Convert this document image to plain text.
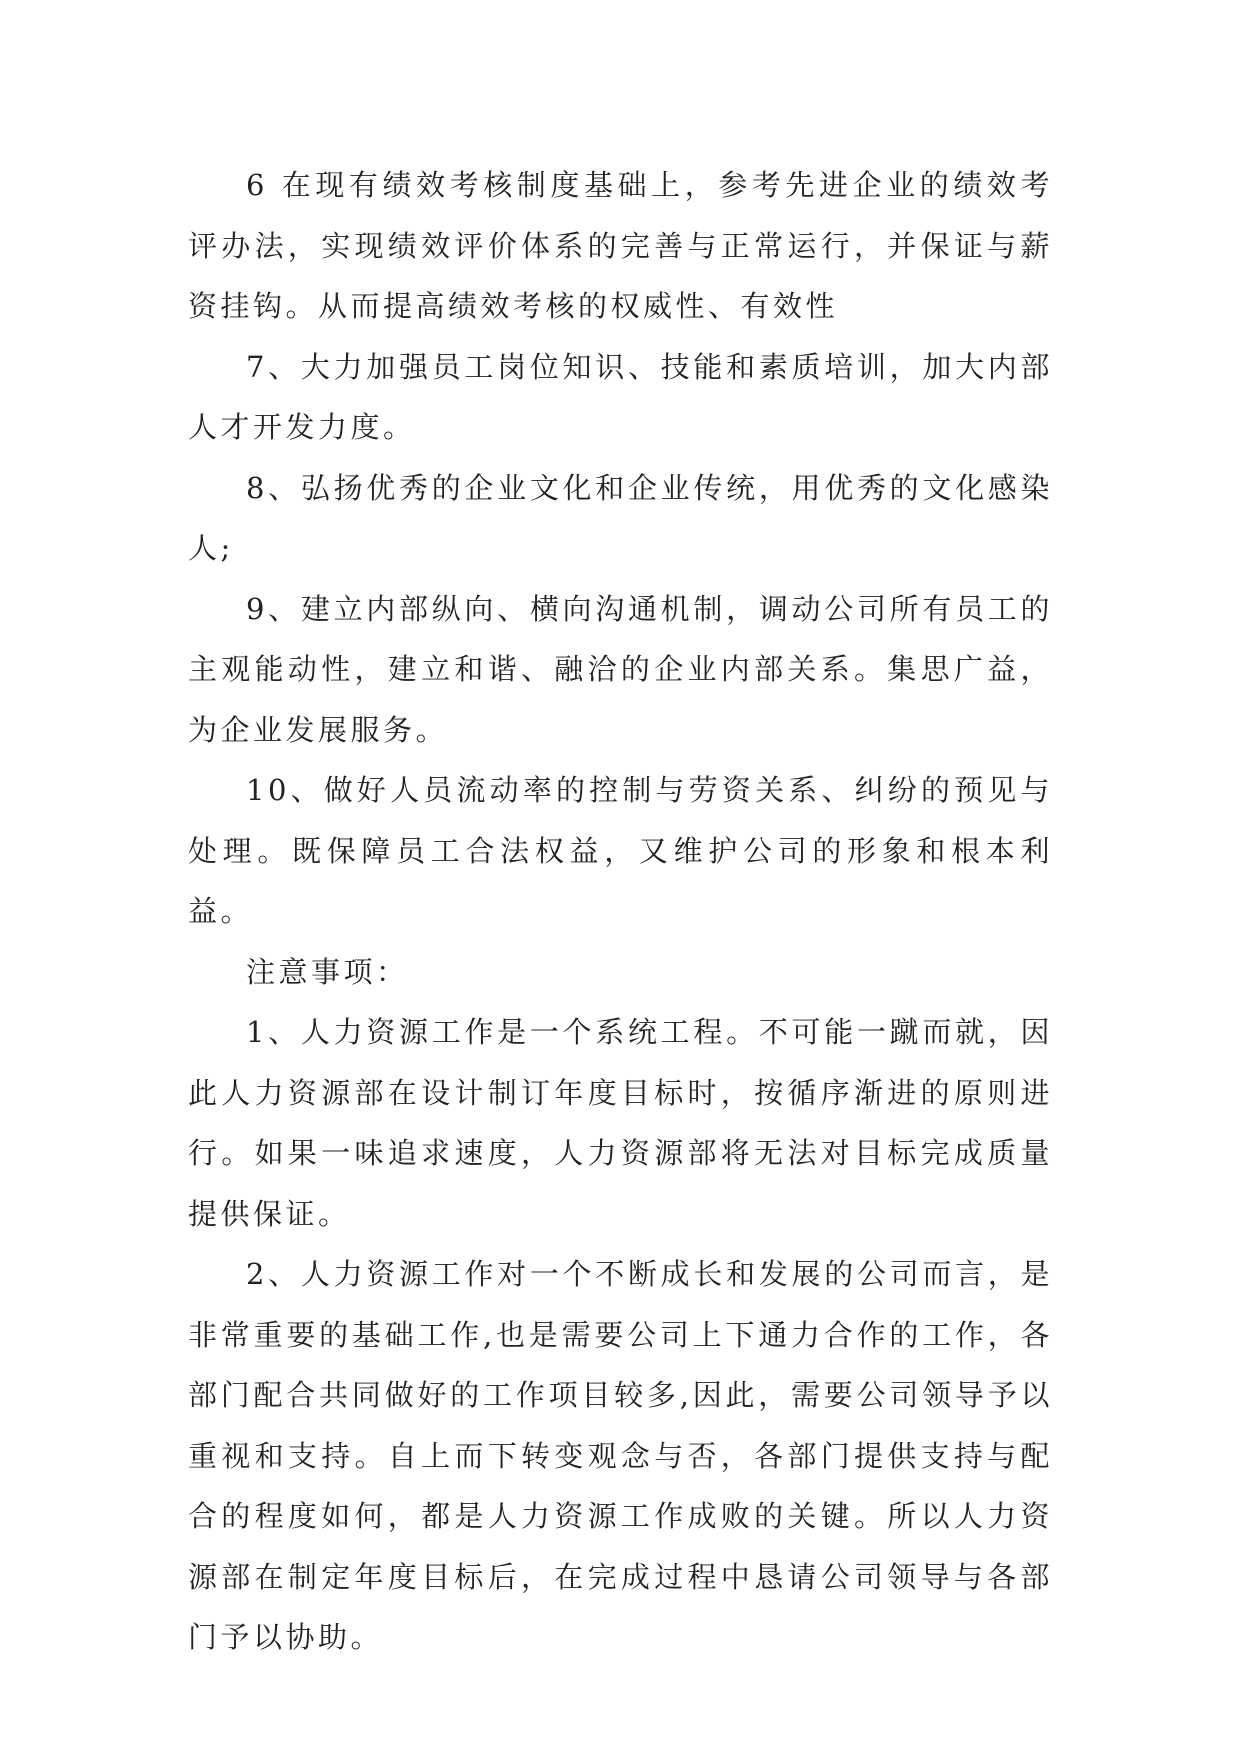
6 在现有绩效考核制度基础上，参考先进企业的绩效考评办法，实现绩效评价体系的完善与正常运行，并保证与薪资挂钩。从而提高绩效考核的权威性、有效性

7、大力加强员工岗位知识、技能和素质培训，加大内部人才开发力度。

8、弘扬优秀的企业文化和企业传统，用优秀的文化感染人;

9、建立内部纵向、横向沟通机制，调动公司所有员工的主观能动性，建立和谐、融洽的企业内部关系。集思广益，为企业发展服务。

10、做好人员流动率的控制与劳资关系、纠纷的预见与处理。既保障员工合法权益，又维护公司的形象和根本利益。

注意事项：

1、人力资源工作是一个系统工程。不可能一蹴而就，因此人力资源部在设计制订年度目标时，按循序渐进的原则进行。如果一味追求速度，人力资源部将无法对目标完成质量提供保证。

2、人力资源工作对一个不断成长和发展的公司而言，是非常重要的基础工作,也是需要公司上下通力合作的工作，各部门配合共同做好的工作项目较多,因此，需要公司领导予以重视和支持。自上而下转变观念与否，各部门提供支持与配合的程度如何，都是人力资源工作成败的关键。所以人力资源部在制定年度目标后，在完成过程中恳请公司领导与各部门予以协助。
